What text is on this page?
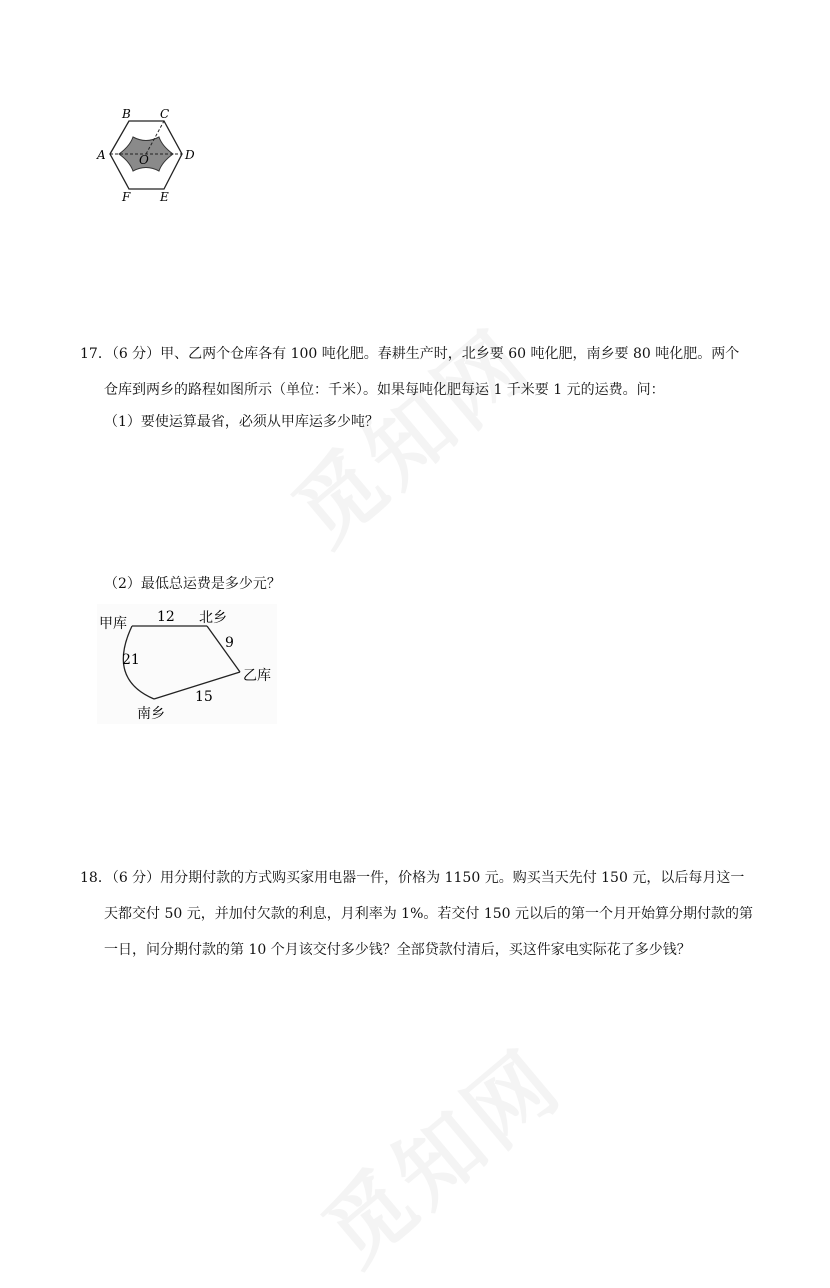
B C
A	O	D
F E
17．（6 分）甲、乙两个仓库各有 100 吨化肥。春耕生产时，北乡要 60 吨化肥，南乡要 80 吨化肥。两个
仓库到两乡的路程如图所示（单位：千米）。如果每吨化肥每运 1 千米要 1 元的运费。问：
（1）要使运算最省，必须从甲库运多少吨？
（2）最低总运费是多少元？
甲库	北乡
乙库
南乡
12
9
21
15
18．（6 分）用分期付款的方式购买家用电器一件，价格为 1150 元。购买当天先付 150 元，以后每月这一
天都交付 50 元，并加付欠款的利息，月利率为 1%。若交付 150 元以后的第一个月开始算分期付款的第
一日，问分期付款的第 10 个月该交付多少钱？全部贷款付清后，买这件家电实际花了多少钱？
